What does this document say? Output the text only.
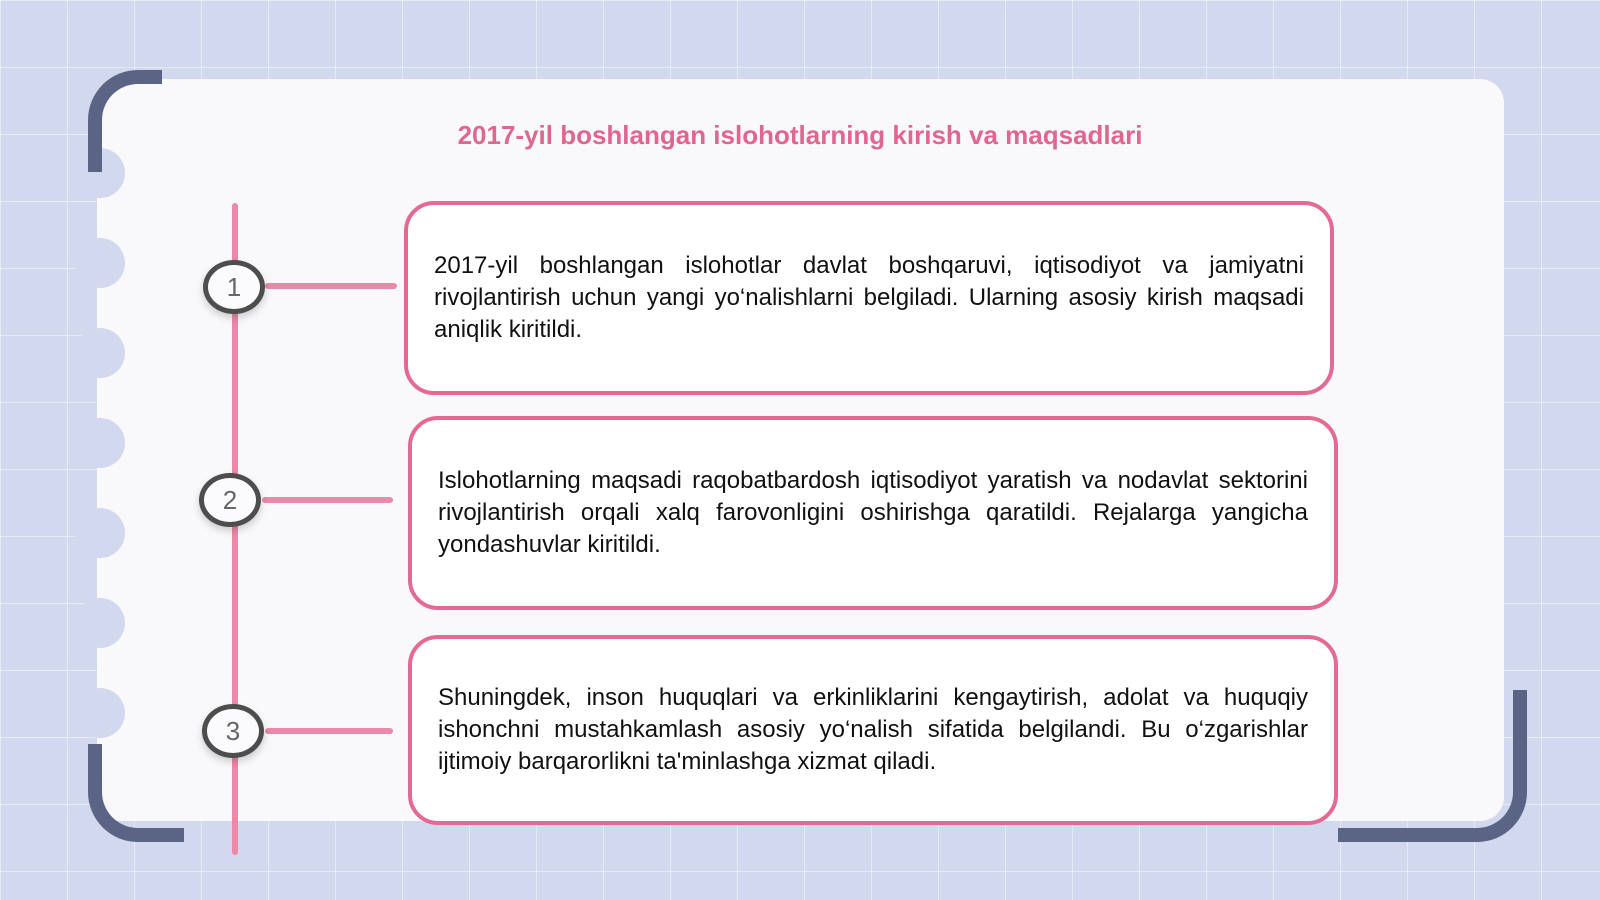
2017-yil boshlangan islohotlarning kirish va maqsadlari
1
2
3

2017-yil boshlangan islohotlar davlat boshqaruvi, iqtisodiyot va jamiyatni rivojlantirish uchun yangi yo‘nalishlarni belgiladi. Ularning asosiy kirish maqsadi aniqlik kiritildi.

Islohotlarning maqsadi raqobatbardosh iqtisodiyot yaratish va nodavlat sektorini rivojlantirish orqali xalq farovonligini oshirishga qaratildi. Rejalarga yangicha yondashuvlar kiritildi.

Shuningdek, inson huquqlari va erkinliklarini kengaytirish, adolat va huquqiy ishonchni mustahkamlash asosiy yo‘nalish sifatida belgilandi. Bu o‘zgarishlar ijtimoiy barqarorlikni ta'minlashga xizmat qiladi.
